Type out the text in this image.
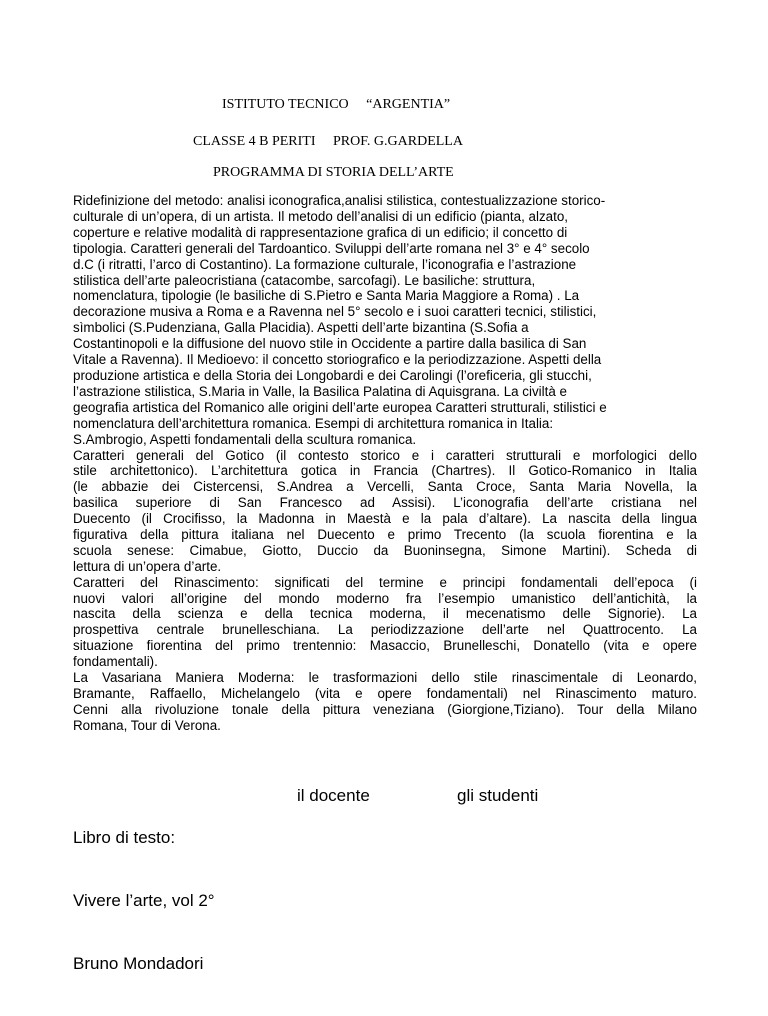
ISTITUTO TECNICO     “ARGENTIA”
CLASSE 4 B PERITI     PROF. G.GARDELLA
PROGRAMMA DI STORIA DELL’ARTE
Ridefinizione del metodo: analisi iconografica,analisi stilistica, contestualizzazione storico-
culturale di un’opera, di un artista. Il metodo dell’analisi di un edificio (pianta, alzato,
coperture e relative modalità di rappresentazione grafica di un edificio; il concetto di
tipologia. Caratteri generali del Tardoantico. Sviluppi dell’arte romana nel 3° e 4° secolo
d.C (i ritratti, l’arco di Costantino). La formazione culturale, l’iconografia e l’astrazione
stilistica dell’arte paleocristiana (catacombe, sarcofagi). Le basiliche: struttura,
nomenclatura, tipologie (le basiliche di S.Pietro e Santa Maria Maggiore a Roma) . La
decorazione musiva a Roma e a Ravenna nel 5° secolo e i suoi caratteri tecnici, stilistici,
sìmbolici (S.Pudenziana, Galla Placidia). Aspetti dell’arte bizantina (S.Sofia a
Costantinopoli e la diffusione del nuovo stile in Occidente a partire dalla basilica di San
Vitale a Ravenna). Il Medioevo: il concetto storiografico e la periodizzazione. Aspetti della
produzione artistica e della Storia dei Longobardi e dei Carolingi (l’oreficeria, gli stucchi,
l’astrazione stilistica, S.Maria in Valle, la Basilica Palatina di Aquisgrana. La civiltà e
geografia artistica del Romanico alle origini dell’arte europea Caratteri strutturali, stilistici e
nomenclatura dell’architettura romanica. Esempi di architettura romanica in Italia:
S.Ambrogio, Aspetti fondamentali della scultura romanica.
Caratteri generali del Gotico (il contesto storico e i caratteri strutturali e morfologici dello
stile architettonico). L’architettura gotica in Francia (Chartres). Il Gotico-Romanico in Italia
(le abbazie dei Cistercensi, S.Andrea a Vercelli, Santa Croce, Santa Maria Novella, la
basilica superiore di San Francesco ad Assisi). L’iconografia dell’arte cristiana nel
Duecento (il Crocifisso, la Madonna in Maestà e la pala d’altare). La nascita della lingua
figurativa della pittura italiana nel Duecento e primo Trecento (la scuola fiorentina e la
scuola senese: Cimabue, Giotto, Duccio da Buoninsegna, Simone Martini). Scheda di
lettura di un’opera d’arte.
Caratteri del Rinascimento: significati del termine e principi fondamentali dell’epoca (i
nuovi valori all’origine del mondo moderno fra l’esempio umanistico dell’antichità, la
nascita della scienza e della tecnica moderna, il mecenatismo delle Signorie). La
prospettiva centrale brunelleschiana. La periodizzazione dell’arte nel Quattrocento. La
situazione fiorentina del primo trentennio: Masaccio, Brunelleschi, Donatello (vita e opere
fondamentali).
La Vasariana Maniera Moderna: le trasformazioni dello stile rinascimentale di Leonardo,
Bramante, Raffaello, Michelangelo (vita e opere fondamentali) nel Rinascimento maturo.
Cenni alla rivoluzione tonale della pittura veneziana (Giorgione,Tiziano). Tour della Milano
Romana, Tour di Verona.

Libro di testo:

Vivere l’arte, vol 2°

Bruno Mondadori

il docente	gli studenti
